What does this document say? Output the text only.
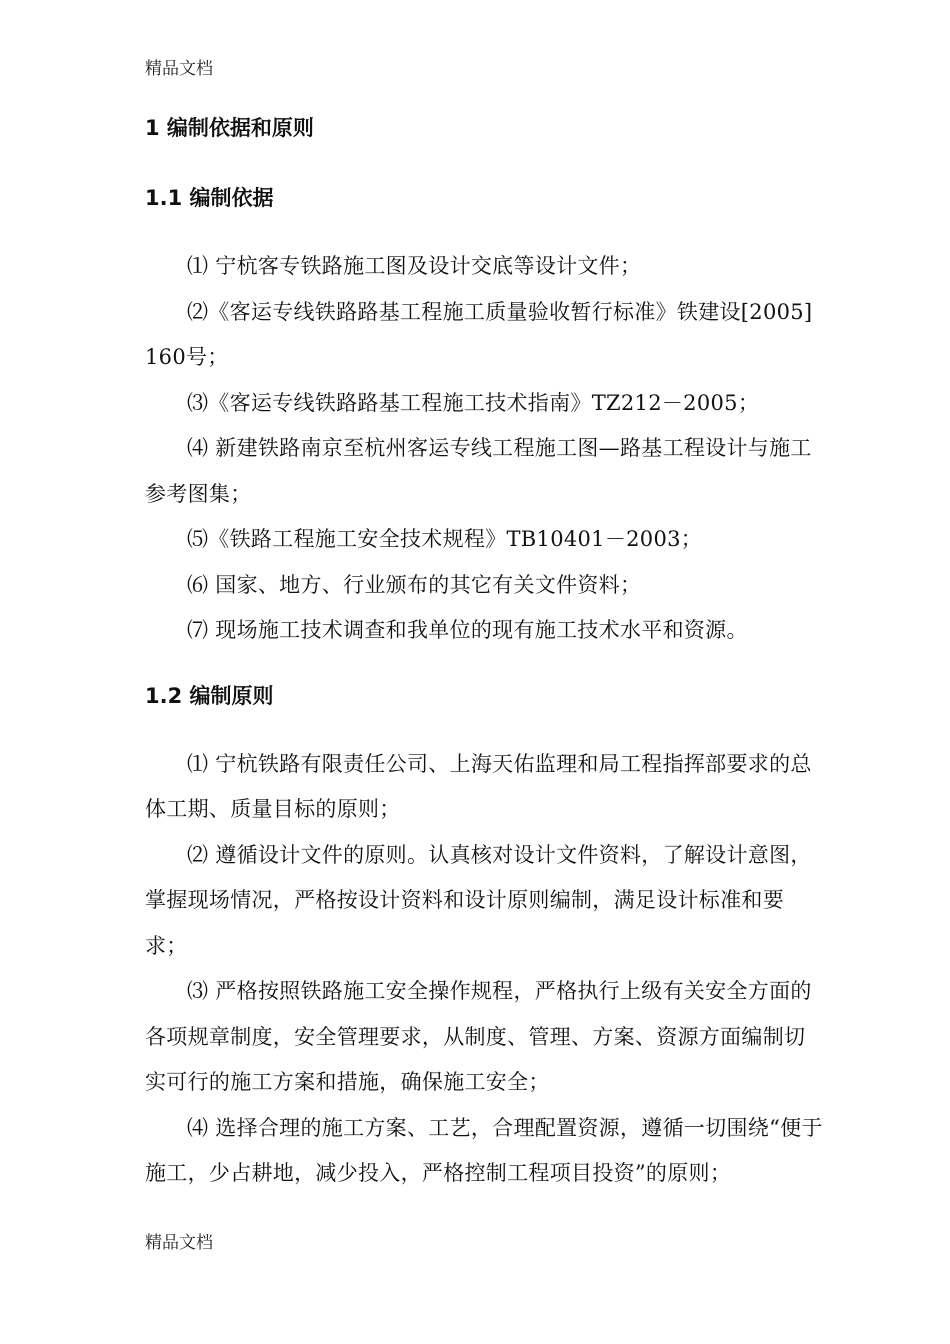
精品文档
1 编制依据和原则
1.1 编制依据

⑴ 宁杭客专铁路施工图及设计交底等设计文件；

⑵《客运专线铁路路基工程施工质量验收暂行标准》铁建设[2005]160号；

⑶《客运专线铁路路基工程施工技术指南》TZ212－2005；

⑷ 新建铁路南京至杭州客运专线工程施工图—路基工程设计与施工参考图集；

⑸《铁路工程施工安全技术规程》TB10401－2003；

⑹ 国家、地方、行业颁布的其它有关文件资料；

⑺ 现场施工技术调查和我单位的现有施工技术水平和资源。

1.2 编制原则

⑴ 宁杭铁路有限责任公司、上海天佑监理和局工程指挥部要求的总体工期、质量目标的原则；

⑵ 遵循设计文件的原则。认真核对设计文件资料，了解设计意图，掌握现场情况，严格按设计资料和设计原则编制，满足设计标准和要求；

⑶ 严格按照铁路施工安全操作规程，严格执行上级有关安全方面的各项规章制度，安全管理要求，从制度、管理、方案、资源方面编制切实可行的施工方案和措施，确保施工安全；

⑷ 选择合理的施工方案、工艺，合理配置资源，遵循一切围绕“便于施工，少占耕地，减少投入，严格控制工程项目投资”的原则；

精品文档
